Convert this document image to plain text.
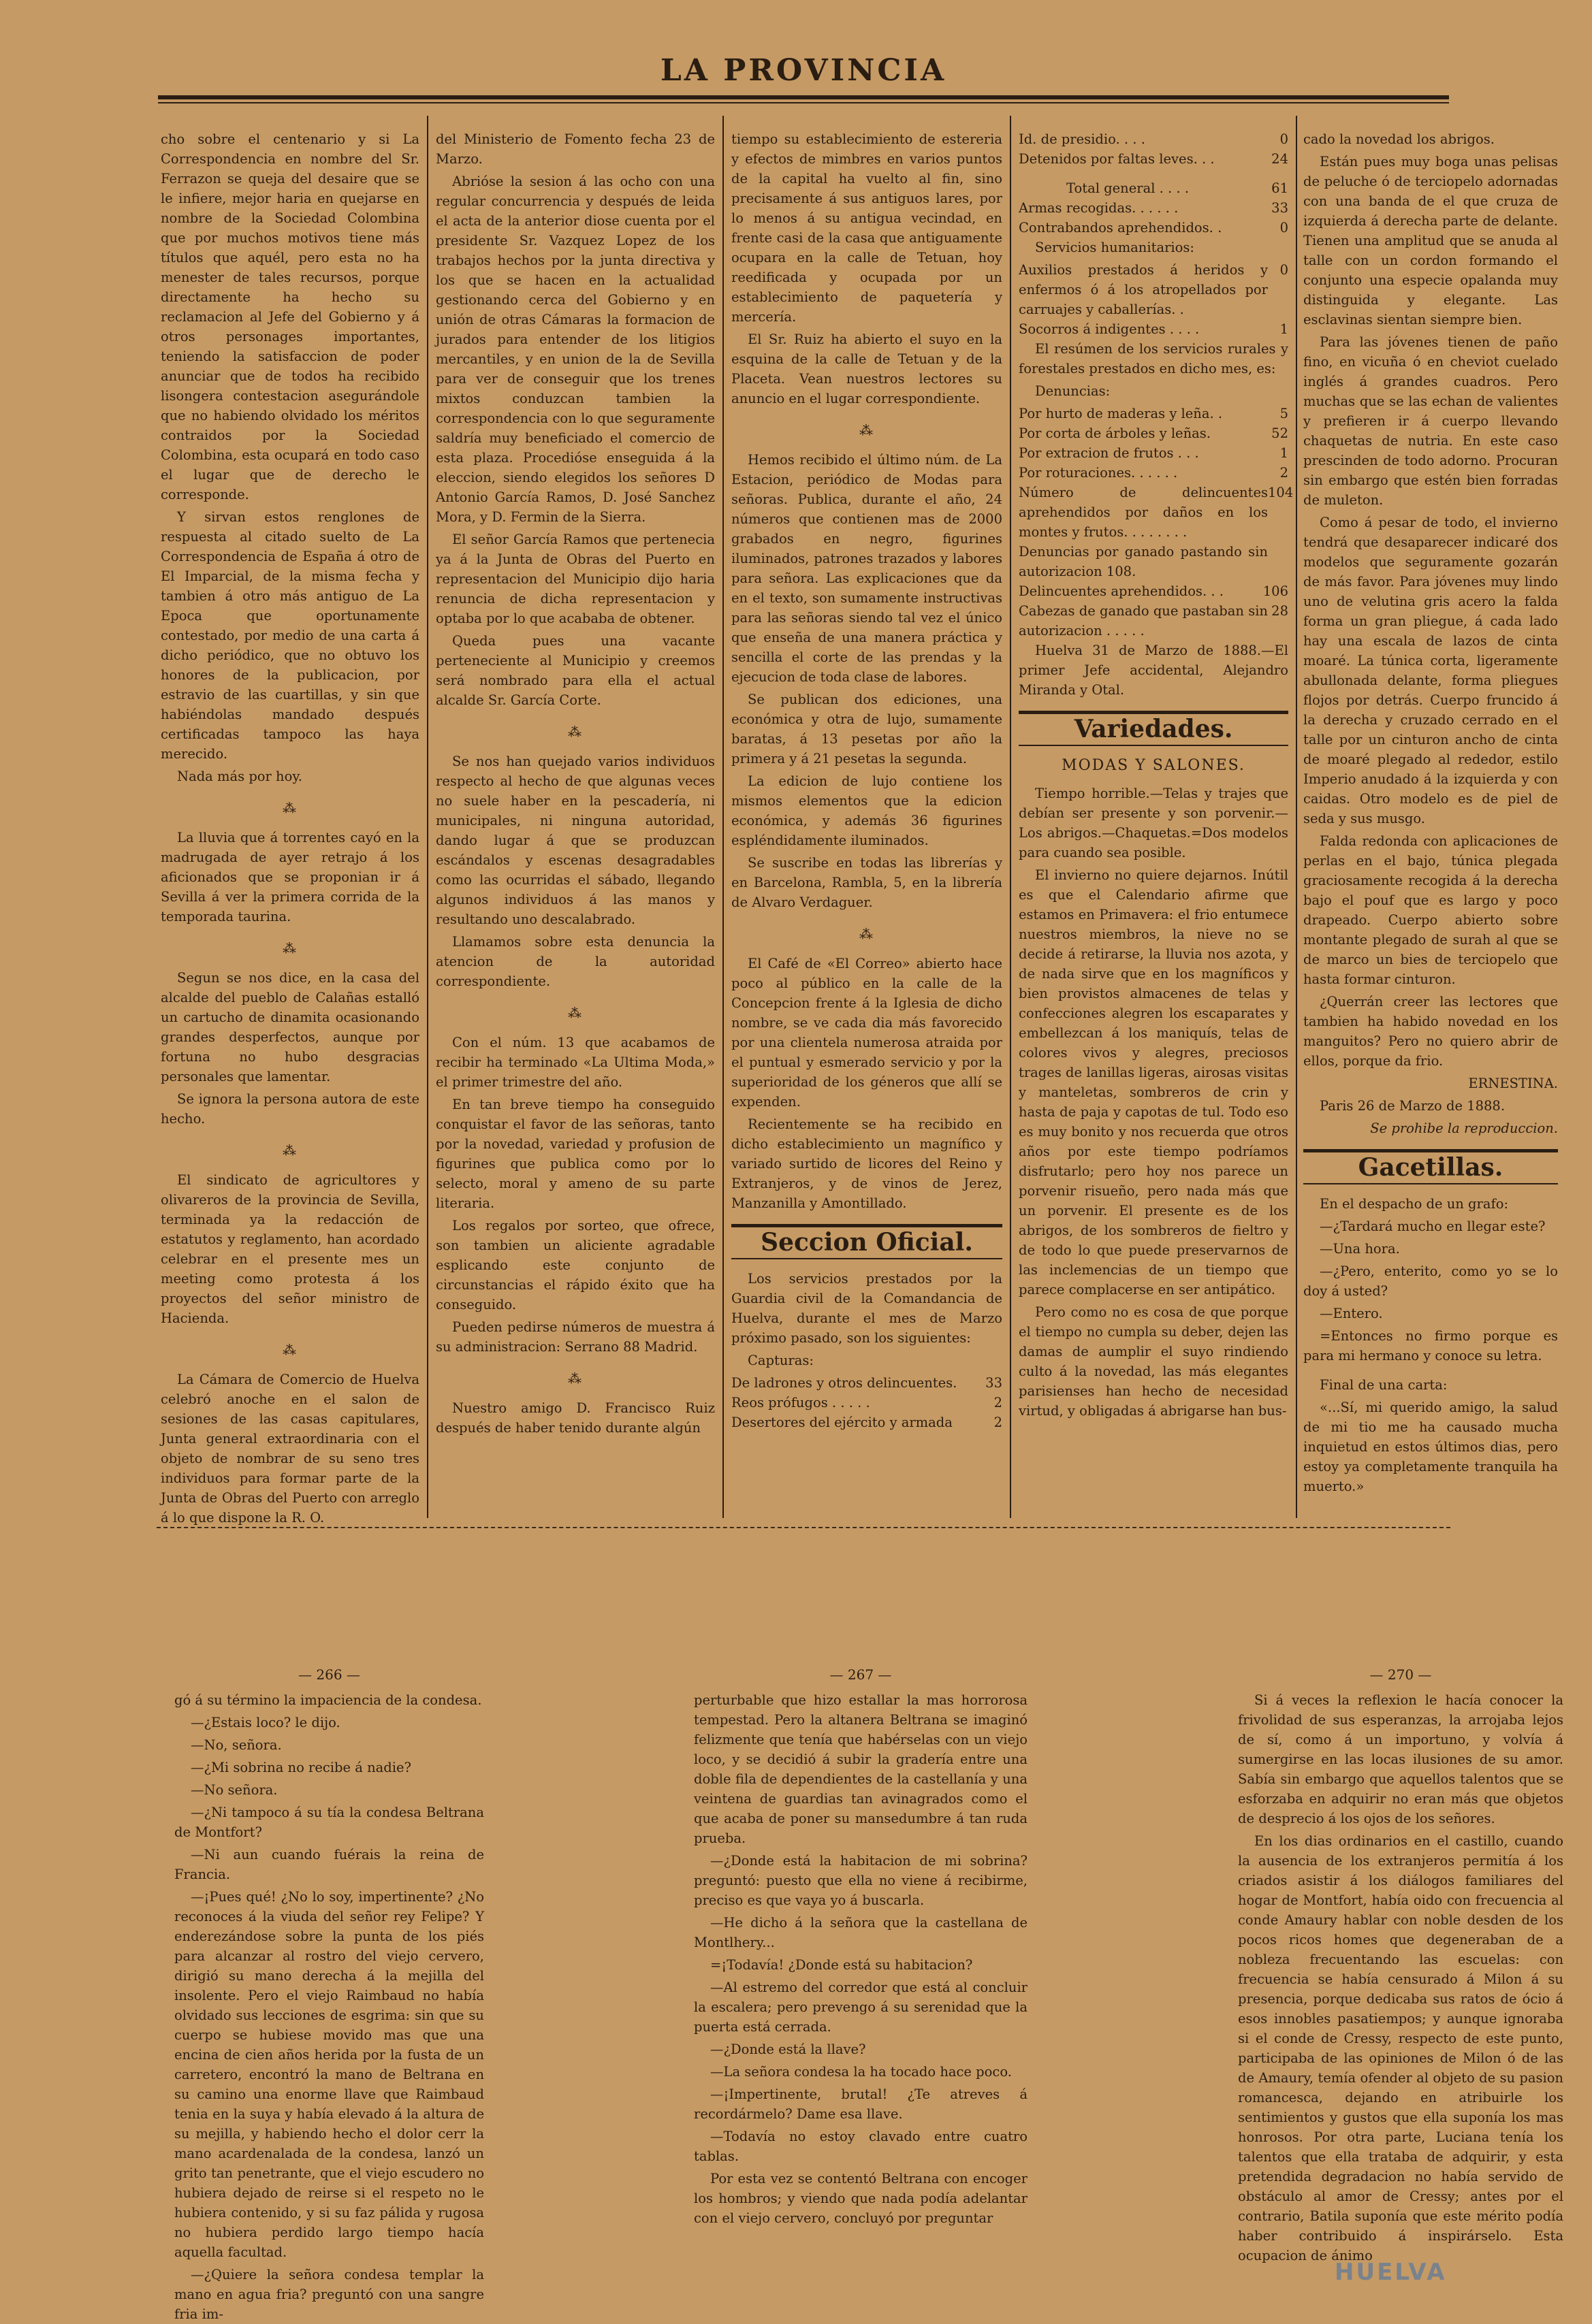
LA PROVINCIA

cho sobre el centenario y si La Correspondencia en nombre del Sr. Ferrazon se queja del desaire que se le infiere, mejor haria en quejarse en nombre de la Sociedad Colombina que por muchos motivos tiene más títulos que aquél, pero esta no ha menester de tales recursos, porque directamente ha hecho su reclamacion al Jefe del Gobierno y á otros personages importantes, teniendo la satisfaccion de poder anunciar que de todos ha recibido lisongera contestacion asegurándole que no habiendo olvidado los méritos contraidos por la Sociedad Colombina, esta ocupará en todo caso el lugar que de derecho le corresponde.

Y sirvan estos renglones de respuesta al citado suelto de La Correspondencia de España á otro de El Imparcial, de la misma fecha y tambien á otro más antiguo de La Epoca que oportunamente contestado, por medio de una carta á dicho periódico, que no obtuvo los honores de la publicacion, por estravio de las cuartillas, y sin que habiéndolas mandado después certificadas tampoco las haya merecido.

Nada más por hoy.

⁂

La lluvia que á torrentes cayó en la madrugada de ayer retrajo á los aficionados que se proponian ir á Sevilla á ver la primera corrida de la temporada taurina.

⁂

Segun se nos dice, en la casa del alcalde del pueblo de Calañas estalló un cartucho de dinamita ocasionando grandes desperfectos, aunque por fortuna no hubo desgracias personales que lamentar.

Se ignora la persona autora de este hecho.

⁂

El sindicato de agricultores y olivareros de la provincia de Sevilla, terminada ya la redacción de estatutos y reglamento, han acordado celebrar en el presente mes un meeting como protesta á los proyectos del señor ministro de Hacienda.

⁂

La Cámara de Comercio de Huelva celebró anoche en el salon de sesiones de las casas capitulares, Junta general extraordinaria con el objeto de nombrar de su seno tres individuos para formar parte de la Junta de Obras del Puerto con arreglo á lo que dispone la R. O.

del Ministerio de Fomento fecha 23 de Marzo.

Abrióse la sesion á las ocho con una regular concurrencia y después de leida el acta de la anterior diose cuenta por el presidente Sr. Vazquez Lopez de los trabajos hechos por la junta directiva y los que se hacen en la actualidad gestionando cerca del Gobierno y en unión de otras Cámaras la formacion de jurados para entender de los litigios mercantiles, y en union de la de Sevilla para ver de conseguir que los trenes mixtos conduzcan tambien la correspondencia con lo que seguramente saldría muy beneficiado el comercio de esta plaza. Procedióse enseguida á la eleccion, siendo elegidos los señores D Antonio García Ramos, D. José Sanchez Mora, y D. Fermin de la Sierra.

El señor García Ramos que pertenecia ya á la Junta de Obras del Puerto en representacion del Municipio dijo haria renuncia de dicha representacion y optaba por lo que acababa de obtener.

Queda pues una vacante perteneciente al Municipio y creemos será nombrado para ella el actual alcalde Sr. García Corte.

⁂

Se nos han quejado varios individuos respecto al hecho de que algunas veces no suele haber en la pescadería, ni municipales, ni ninguna autoridad, dando lugar á que se produzcan escándalos y escenas desagradables como las ocurridas el sábado, llegando algunos individuos á las manos y resultando uno descalabrado.

Llamamos sobre esta denuncia la atencion de la autoridad correspondiente.

⁂

Con el núm. 13 que acabamos de recibir ha terminado «La Ultima Moda,» el primer trimestre del año.

En tan breve tiempo ha conseguido conquistar el favor de las señoras, tanto por la novedad, variedad y profusion de figurines que publica como por lo selecto, moral y ameno de su parte literaria.

Los regalos por sorteo, que ofrece, son tambien un aliciente agradable esplicando este conjunto de circunstancias el rápido éxito que ha conseguido.

Pueden pedirse números de muestra á su administracion: Serrano 88 Madrid.

⁂

Nuestro amigo D. Francisco Ruiz después de haber tenido durante algún

tiempo su establecimiento de estereria y efectos de mimbres en varios puntos de la capital ha vuelto al fin, sino precisamente á sus antiguos lares, por lo menos á su antigua vecindad, en frente casi de la casa que antiguamente ocupara en la calle de Tetuan, hoy reedificada y ocupada por un establecimiento de paquetería y mercería.

El Sr. Ruiz ha abierto el suyo en la esquina de la calle de Tetuan y de la Placeta. Vean nuestros lectores su anuncio en el lugar correspondiente.

⁂

Hemos recibido el último núm. de La Estacion, periódico de Modas para señoras. Publica, durante el año, 24 números que contienen mas de 2000 grabados en negro, figurines iluminados, patrones trazados y labores para señora. Las explicaciones que da en el texto, son sumamente instructivas para las señoras siendo tal vez el único que enseña de una manera práctica y sencilla el corte de las prendas y la ejecucion de toda clase de labores.

Se publican dos ediciones, una económica y otra de lujo, sumamente baratas, á 13 pesetas por año la primera y á 21 pesetas la segunda.

La edicion de lujo contiene los mismos elementos que la edicion económica, y además 36 figurines espléndidamente iluminados.

Se suscribe en todas las librerías y en Barcelona, Rambla, 5, en la librería de Alvaro Verdaguer.

⁂

El Café de «El Correo» abierto hace poco al público en la calle de la Concepcion frente á la Iglesia de dicho nombre, se ve cada dia más favorecido por una clientela numerosa atraida por el puntual y esmerado servicio y por la superioridad de los géneros que allí se expenden.

Recientemente se ha recibido en dicho establecimiento un magnífico y variado surtido de licores del Reino y Extranjeros, y de vinos de Jerez, Manzanilla y Amontillado.

Seccion Oficial.

Los servicios prestados por la Guardia civil de la Comandancia de Huelva, durante el mes de Marzo próximo pasado, son los siguientes:

Capturas:

De ladrones y otros delincuentes. 33
Reos prófugos . . . . .	2
Desertores del ejército y armada	2
Id. de presidio. . . .	0
Detenidos por faltas leves. . .	24
Total general . . . .	61
Armas recogidas. . . . . .	33
Contrabandos aprehendidos. .	0

Servicios humanitarios:

Auxilios prestados á heridos y enfermos ó á los atropellados por carruajes y caballerías. .
0
Socorros á indigentes . . . .	1

El resúmen de los servicios rurales y forestales prestados en dicho mes, es:

Denuncias:

Por hurto de maderas y leña. .	5
Por corta de árboles y leñas.	52
Por extracion de frutos . . .	1
Por roturaciones. . . . . .	2
Número de delincuentes aprehendidos por daños en los montes y frutos. . . . . . . .
104
Denuncias por ganado pastando sin autorizacion 108.
Delincuentes aprehendidos. . .	106
Cabezas de ganado que pastaban sin autorizacion . . . . .
28

Huelva 31 de Marzo de 1888.—El primer Jefe accidental, Alejandro Miranda y Otal.

Variedades.
MODAS Y SALONES.

Tiempo horrible.—Telas y trajes que debían ser presente y son porvenir.—Los abrigos.—Chaquetas.=Dos modelos para cuando sea posible.

El invierno no quiere dejarnos. Inútil es que el Calendario afirme que estamos en Primavera: el frio entumece nuestros miembros, la nieve no se decide á retirarse, la lluvia nos azota, y de nada sirve que en los magníficos y bien provistos almacenes de telas y confecciones alegren los escaparates y embellezcan á los maniquís, telas de colores vivos y alegres, preciosos trages de lanillas ligeras, airosas visitas y manteletas, sombreros de crin y hasta de paja y capotas de tul. Todo eso es muy bonito y nos recuerda que otros años por este tiempo podríamos disfrutarlo; pero hoy nos parece un porvenir risueño, pero nada más que un porvenir. El presente es de los abrigos, de los sombreros de fieltro y de todo lo que puede preservarnos de las inclemencias de un tiempo que parece complacerse en ser antipático.

Pero como no es cosa de que porque el tiempo no cumpla su deber, dejen las damas de aumplir el suyo rindiendo culto á la novedad, las más elegantes parisienses han hecho de necesidad virtud, y obligadas á abrigarse han bus-

cado la novedad los abrigos.

Están pues muy boga unas pelisas de peluche ó de terciopelo adornadas con una banda de el que cruza de izquierda á derecha parte de delante. Tienen una amplitud que se anuda al talle con un cordon formando el conjunto una especie opalanda muy distinguida y elegante. Las esclavinas sientan siempre bien.

Para las jóvenes tienen de paño fino, en vicuña ó en cheviot cuelado inglés á grandes cuadros. Pero muchas que se las echan de valientes y prefieren ir á cuerpo llevando chaquetas de nutria. En este caso prescinden de todo adorno. Procuran sin embargo que estén bien forradas de muleton.

Como á pesar de todo, el invierno tendrá que desaparecer indicaré dos modelos que seguramente gozarán de más favor. Para jóvenes muy lindo uno de velutina gris acero la falda forma un gran pliegue, á cada lado hay una escala de lazos de cinta moaré. La túnica corta, ligeramente abullonada delante, forma pliegues flojos por detrás. Cuerpo fruncido á la derecha y cruzado cerrado en el talle por un cinturon ancho de cinta de moaré plegado al rededor, estilo Imperio anudado á la izquierda y con caidas. Otro modelo es de piel de seda y sus musgo.

Falda redonda con aplicaciones de perlas en el bajo, túnica plegada graciosamente recogida á la derecha bajo el pouf que es largo y poco drapeado. Cuerpo abierto sobre montante plegado de surah al que se de marco un bies de terciopelo que hasta formar cinturon.

¿Querrán creer las lectores que tambien ha habido novedad en los manguitos? Pero no quiero abrir de ellos, porque da frio.

ERNESTINA.

Paris 26 de Marzo de 1888.

Se prohibe la reproduccion.

Gacetillas.

En el despacho de un grafo:

—¿Tardará mucho en llegar este?

—Una hora.

—¿Pero, enterito, como yo se lo doy á usted?

—Entero.

=Entonces no firmo porque es para mi hermano y conoce su letra.

Final de una carta:

«...Sí, mi querido amigo, la salud de mi tio me ha causado mucha inquietud en estos últimos dias, pero estoy ya completamente tranquila ha muerto.»

— 266 —

gó á su término la impaciencia de la condesa.

—¿Estais loco? le dijo.

—No, señora.

—¿Mi sobrina no recibe á nadie?

—No señora.

—¿Ni tampoco á su tía la condesa Beltrana de Montfort?

—Ni aun cuando fuérais la reina de Francia.

—¡Pues qué! ¿No lo soy, impertinente? ¿No reconoces á la viuda del señor rey Felipe? Y enderezándose sobre la punta de los piés para alcanzar al rostro del viejo cervero, dirigió su mano derecha á la mejilla del insolente. Pero el viejo Raimbaud no había olvidado sus lecciones de esgrima: sin que su cuerpo se hubiese movido mas que una encina de cien años herida por la fusta de un carretero, encontró la mano de Beltrana en su camino una enorme llave que Raimbaud tenia en la suya y había elevado á la altura de su mejilla, y habiendo hecho el dolor cerr la mano acardenalada de la condesa, lanzó un grito tan penetrante, que el viejo escudero no hubiera dejado de reirse si el respeto no le hubiera contenido, y si su faz pálida y rugosa no hubiera perdido largo tiempo hacía aquella facultad.

—¿Quiere la señora condesa templar la mano en agua fria? preguntó con una sangre fria im-

— 267 —

perturbable que hizo estallar la mas horrorosa tempestad. Pero la altanera Beltrana se imaginó felizmente que tenía que habérselas con un viejo loco, y se decidió á subir la gradería entre una doble fila de dependientes de la castellanía y una veintena de guardias tan avinagrados como el que acaba de poner su mansedumbre á tan ruda prueba.

—¿Donde está la habitacion de mi sobrina? preguntó: puesto que ella no viene á recibirme, preciso es que vaya yo á buscarla.

—He dicho á la señora que la castellana de Montlhery...

=¡Todavía! ¿Donde está su habitacion?

—Al estremo del corredor que está al concluir la escalera; pero prevengo á su serenidad que la puerta está cerrada.

—¿Donde está la llave?

—La señora condesa la ha tocado hace poco.

—¡Impertinente, brutal! ¿Te atreves á recordármelo? Dame esa llave.

—Todavía no estoy clavado entre cuatro tablas.

Por esta vez se contentó Beltrana con encoger los hombros; y viendo que nada podía adelantar con el viejo cervero, concluyó por preguntar

— 270 —

Si á veces la reflexion le hacía conocer la frivolidad de sus esperanzas, la arrojaba lejos de sí, como á un importuno, y volvía á sumergirse en las locas ilusiones de su amor. Sabía sin embargo que aquellos talentos que se esforzaba en adquirir no eran más que objetos de desprecio á los ojos de los señores.

En los dias ordinarios en el castillo, cuando la ausencia de los extranjeros permitía á los criados asistir á los diálogos familiares del hogar de Montfort, había oido con frecuencia al conde Amaury hablar con noble desden de los pocos ricos homes que degeneraban de a nobleza frecuentando las escuelas: con frecuencia se había censurado á Milon á su presencia, porque dedicaba sus ratos de ócio á esos innobles pasatiempos; y aunque ignoraba si el conde de Cressy, respecto de este punto, participaba de las opiniones de Milon ó de las de Amaury, temía ofender al objeto de su pasion romancesca, dejando en atribuirle los sentimientos y gustos que ella suponía los mas honrosos. Por otra parte, Luciana tenía los talentos que ella trataba de adquirir, y esta pretendida degradacion no había servido de obstáculo al amor de Cressy; antes por el contrario, Batila suponía que este mérito podía haber contribuido á inspirárselo. Esta ocupacion de ánimo

HUELVA
